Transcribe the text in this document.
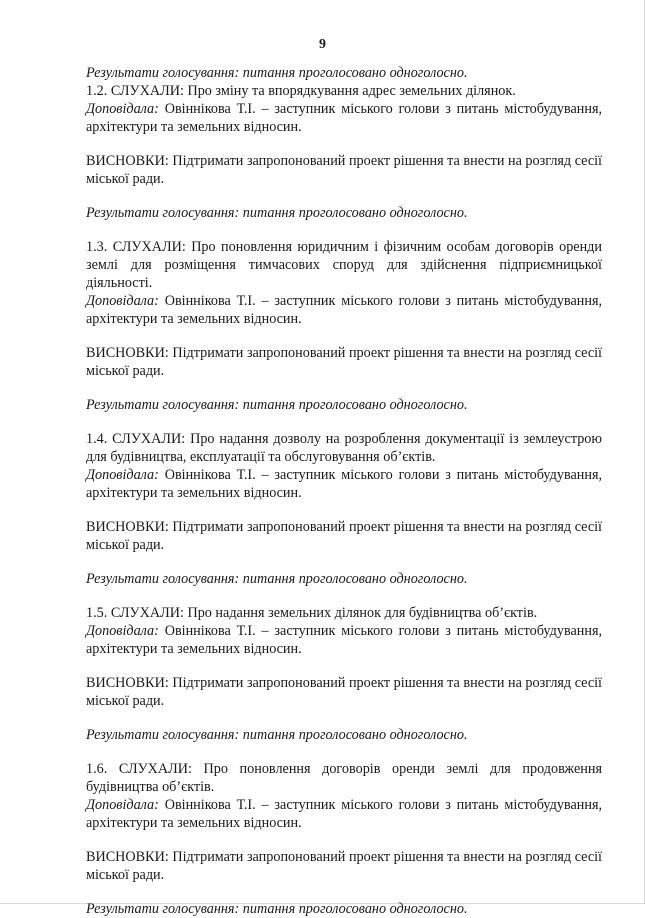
9

Результати голосування: питання проголосовано одноголосно.

1.2. СЛУХАЛИ: Про зміну та впорядкування адрес земельних ділянок.

Доповідала: Овіннікова Т.І. – заступник міського голови з питань містобудування, архітектури та земельних відносин.

ВИСНОВКИ: Підтримати запропонований проект рішення та внести на розгляд сесії міської ради.

Результати голосування: питання проголосовано одноголосно.

1.3. СЛУХАЛИ: Про поновлення юридичним і фізичним особам договорів оренди землі для розміщення тимчасових споруд для здійснення підприємницької діяльності.

Доповідала: Овіннікова Т.І. – заступник міського голови з питань містобудування, архітектури та земельних відносин.

ВИСНОВКИ: Підтримати запропонований проект рішення та внести на розгляд сесії міської ради.

Результати голосування: питання проголосовано одноголосно.

1.4. СЛУХАЛИ: Про надання дозволу на розроблення документації із землеустрою для будівництва, експлуатації та обслуговування об’єктів.

Доповідала: Овіннікова Т.І. – заступник міського голови з питань містобудування, архітектури та земельних відносин.

ВИСНОВКИ: Підтримати запропонований проект рішення та внести на розгляд сесії міської ради.

Результати голосування: питання проголосовано одноголосно.

1.5. СЛУХАЛИ: Про надання земельних ділянок для будівництва об’єктів.

Доповідала: Овіннікова Т.І. – заступник міського голови з питань містобудування, архітектури та земельних відносин.

ВИСНОВКИ: Підтримати запропонований проект рішення та внести на розгляд сесії міської ради.

Результати голосування: питання проголосовано одноголосно.

1.6. СЛУХАЛИ: Про поновлення договорів оренди землі для продовження будівництва об’єктів.

Доповідала: Овіннікова Т.І. – заступник міського голови з питань містобудування, архітектури та земельних відносин.

ВИСНОВКИ: Підтримати запропонований проект рішення та внести на розгляд сесії міської ради.

Результати голосування: питання проголосовано одноголосно.
